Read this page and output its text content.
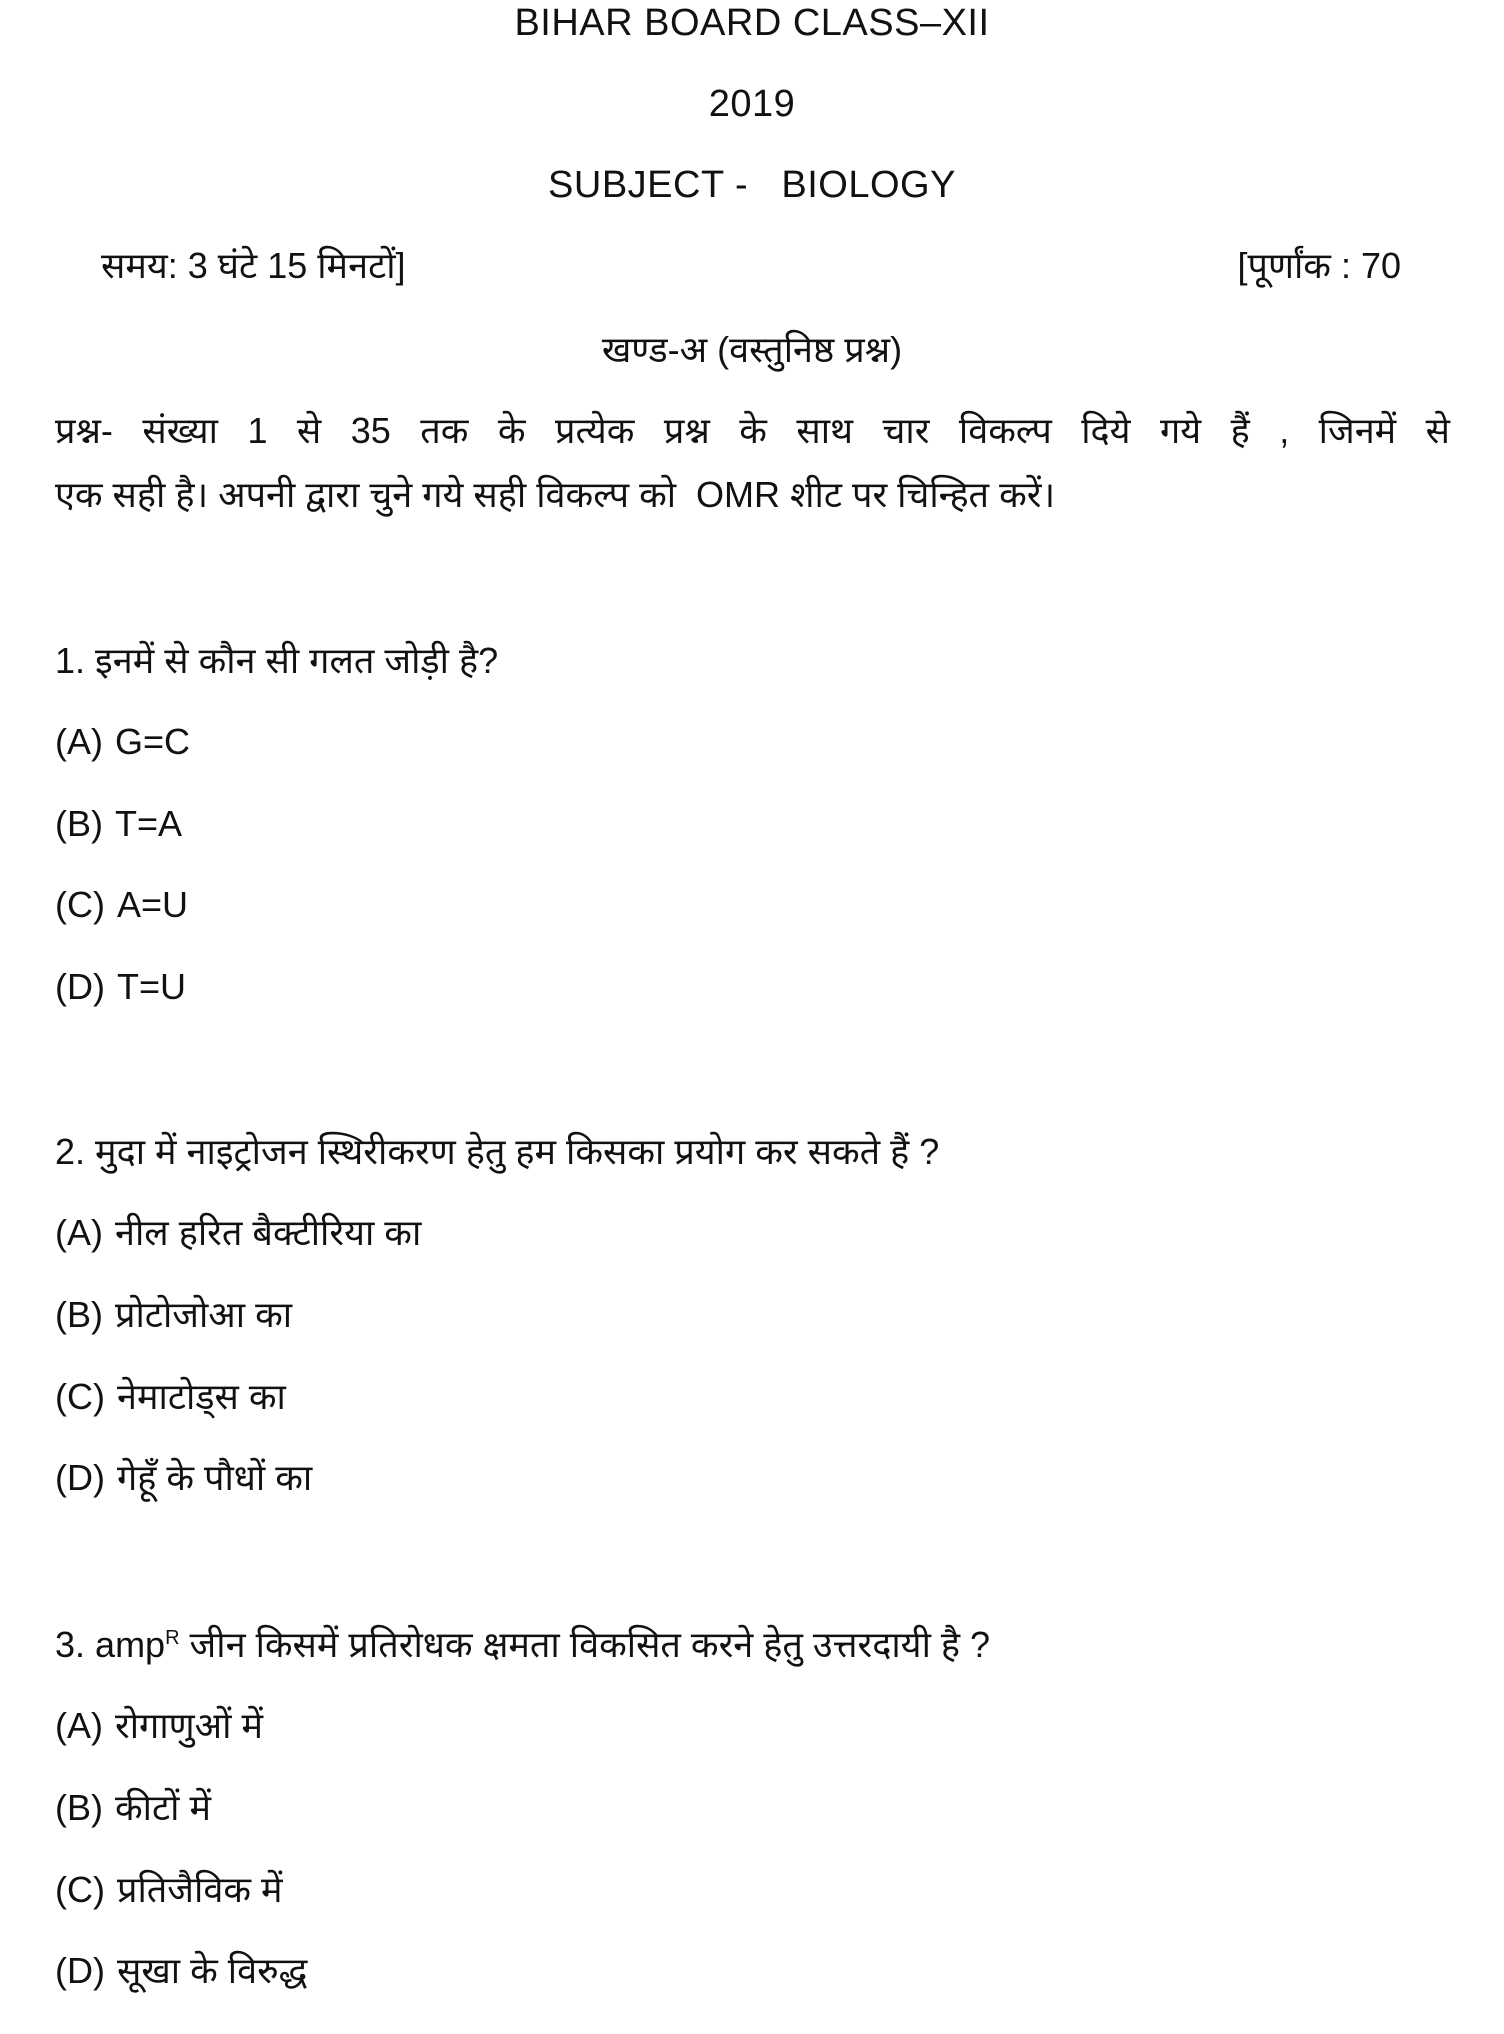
BIHAR BOARD CLASS–XII
2019
SUBJECT -   BIOLOGY
समय: 3 घंटे 15 मिनटों]	[पूर्णांक : 70
खण्ड-अ (वस्तुनिष्ठ प्रश्न)
प्रश्न- संख्या 1 से 35 तक के प्रत्येक प्रश्न के साथ चार विकल्प दिये गये हैं , जिनमें से
एक सही है। अपनी द्वारा चुने गये सही विकल्प को  OMR शीट पर चिन्हित करें।
1. इनमें से कौन सी गलत जोड़ी है?
(A) G=C
(B) T=A
(C) A=U
(D) T=U
2. मुदा में नाइट्रोजन स्थिरीकरण हेतु हम किसका प्रयोग कर सकते हैं ?
(A) नील हरित बैक्टीरिया का
(B) प्रोटोजोआ का
(C) नेमाटोड्स का
(D) गेहूँ के पौधों का
3. amp$^R$ जीन किसमें प्रतिरोधक क्षमता विकसित करने हेतु उत्तरदायी है ?
(A) रोगाणुओं में
(B) कीटों में
(C) प्रतिजैविक में
(D) सूखा के विरुद्ध
